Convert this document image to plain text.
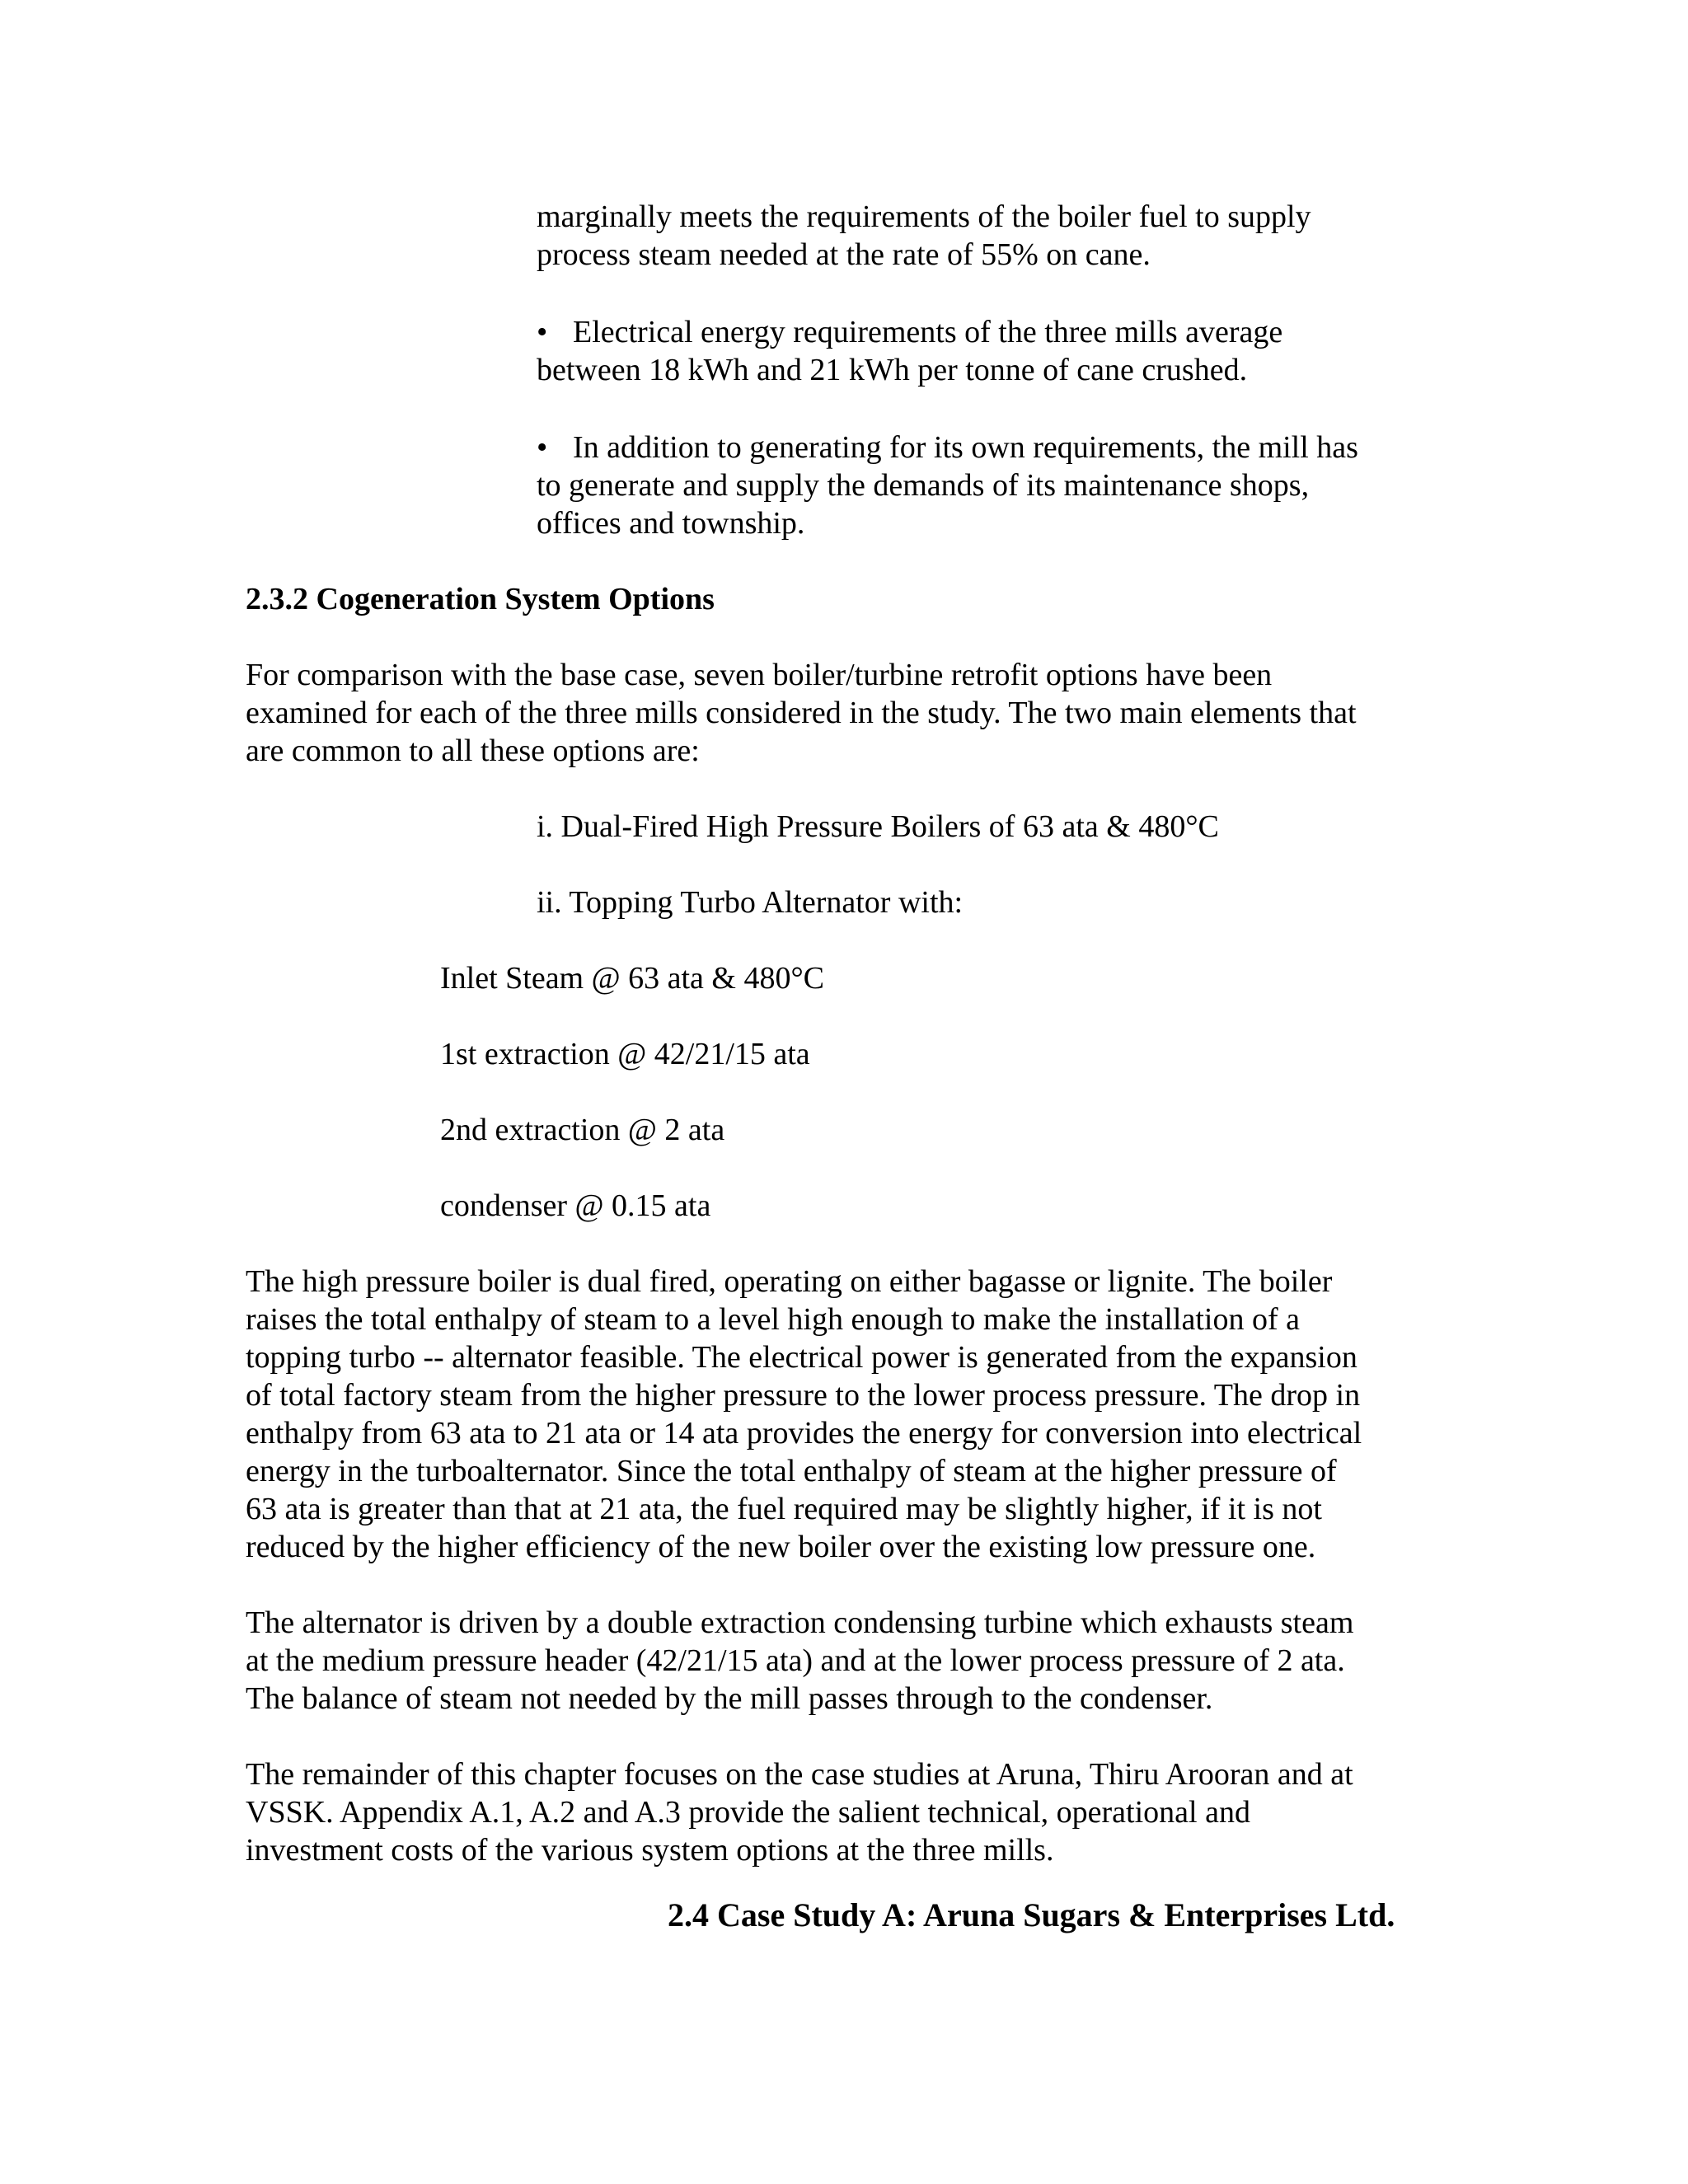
marginally meets the requirements of the boiler fuel to supply
process steam needed at the rate of 55% on cane.

• Electrical energy requirements of the three mills average
between 18 kWh and 21 kWh per tonne of cane crushed.
• In addition to generating for its own requirements, the mill has
to generate and supply the demands of its maintenance shops,
offices and township.
2.3.2 Cogeneration System Options

For comparison with the base case, seven boiler/turbine retrofit options have been
examined for each of the three mills considered in the study. The two main elements that
are common to all these options are:

i. Dual-Fired High Pressure Boilers of 63 ata & 480°C

ii. Topping Turbo Alternator with:

Inlet Steam @ 63 ata & 480°C

1st extraction @ 42/21/15 ata

2nd extraction @ 2 ata

condenser @ 0.15 ata

The high pressure boiler is dual fired, operating on either bagasse or lignite. The boiler
raises the total enthalpy of steam to a level high enough to make the installation of a
topping turbo -- alternator feasible. The electrical power is generated from the expansion
of total factory steam from the higher pressure to the lower process pressure. The drop in
enthalpy from 63 ata to 21 ata or 14 ata provides the energy for conversion into electrical
energy in the turboalternator. Since the total enthalpy of steam at the higher pressure of
63 ata is greater than that at 21 ata, the fuel required may be slightly higher, if it is not
reduced by the higher efficiency of the new boiler over the existing low pressure one.

The alternator is driven by a double extraction condensing turbine which exhausts steam
at the medium pressure header (42/21/15 ata) and at the lower process pressure of 2 ata.
The balance of steam not needed by the mill passes through to the condenser.

The remainder of this chapter focuses on the case studies at Aruna, Thiru Arooran and at
VSSK. Appendix A.1, A.2 and A.3 provide the salient technical, operational and
investment costs of the various system options at the three mills.

2.4 Case Study A: Aruna Sugars & Enterprises Ltd.
